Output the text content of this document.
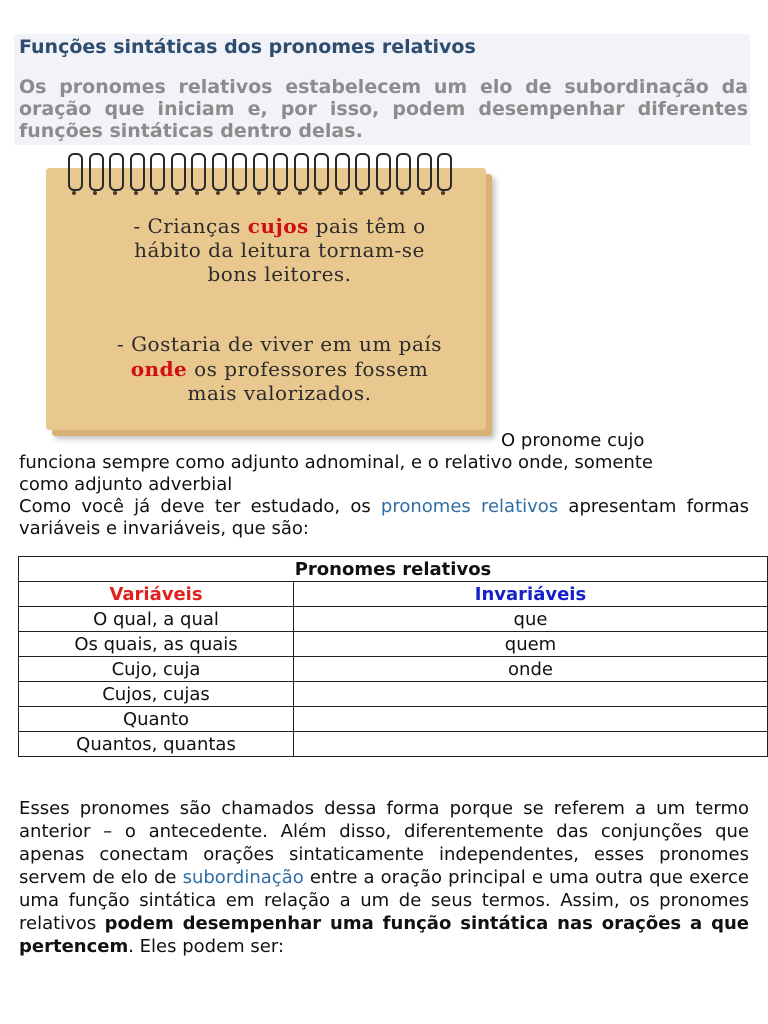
Funções sintáticas dos pronomes relativos

Os pronomes relativos estabelecem um elo de subordinação da oração que iniciam e, por isso, podem desempenhar diferentes funções sintáticas dentro delas.

- Crianças cujos pais têm o

hábito da leitura tornam-se

bons leitores.

- Gostaria de viver em um país

onde os professores fossem

mais valorizados.

O pronome cujo

funciona sempre como adjunto adnominal, e o relativo onde, somente

como adjunto adverbial

Como você já deve ter estudado, os pronomes relativos apresentam formas variáveis e invariáveis, que são:

Pronomes relativos	
Variáveis	Invariáveis
O qual, a qual	que
Os quais, as quais	quem
Cujo, cuja	onde
Cujos, cujas	
Quanto	
Quantos, quantas	

Esses pronomes são chamados dessa forma porque se referem a um termo anterior – o antecedente. Além disso, diferentemente das conjunções que apenas conectam orações sintaticamente independentes, esses pronomes servem de elo de subordinação entre a oração principal e uma outra que exerce uma função sintática em relação a um de seus termos. Assim, os pronomes relativos podem desempenhar uma função sintática nas orações a que pertencem. Eles podem ser:
